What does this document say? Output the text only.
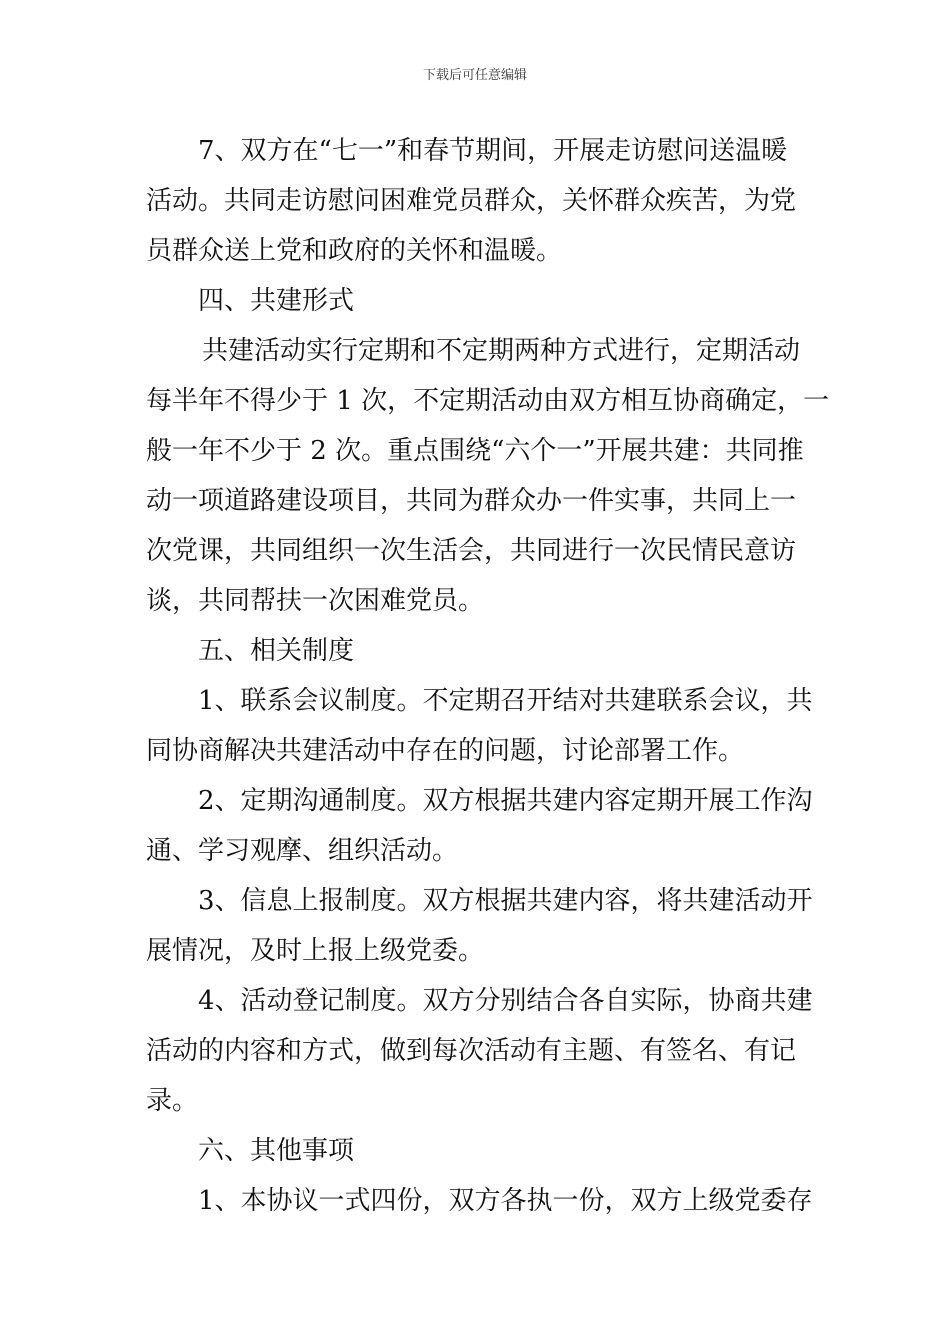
下载后可任意编辑
7、双方在“七一”和春节期间，开展走访慰问送温暖
活动。共同走访慰问困难党员群众，关怀群众疾苦，为党
员群众送上党和政府的关怀和温暖。
四、共建形式
共建活动实行定期和不定期两种方式进行，定期活动
每半年不得少于 1 次，不定期活动由双方相互协商确定，一
般一年不少于 2 次。重点围绕“六个一”开展共建：共同推
动一项道路建设项目，共同为群众办一件实事，共同上一
次党课，共同组织一次生活会，共同进行一次民情民意访
谈，共同帮扶一次困难党员。
五、相关制度
1、联系会议制度。不定期召开结对共建联系会议，共
同协商解决共建活动中存在的问题，讨论部署工作。
2、定期沟通制度。双方根据共建内容定期开展工作沟
通、学习观摩、组织活动。
3、信息上报制度。双方根据共建内容，将共建活动开
展情况，及时上报上级党委。
4、活动登记制度。双方分别结合各自实际，协商共建
活动的内容和方式，做到每次活动有主题、有签名、有记
录。
六、其他事项
1、本协议一式四份，双方各执一份，双方上级党委存
